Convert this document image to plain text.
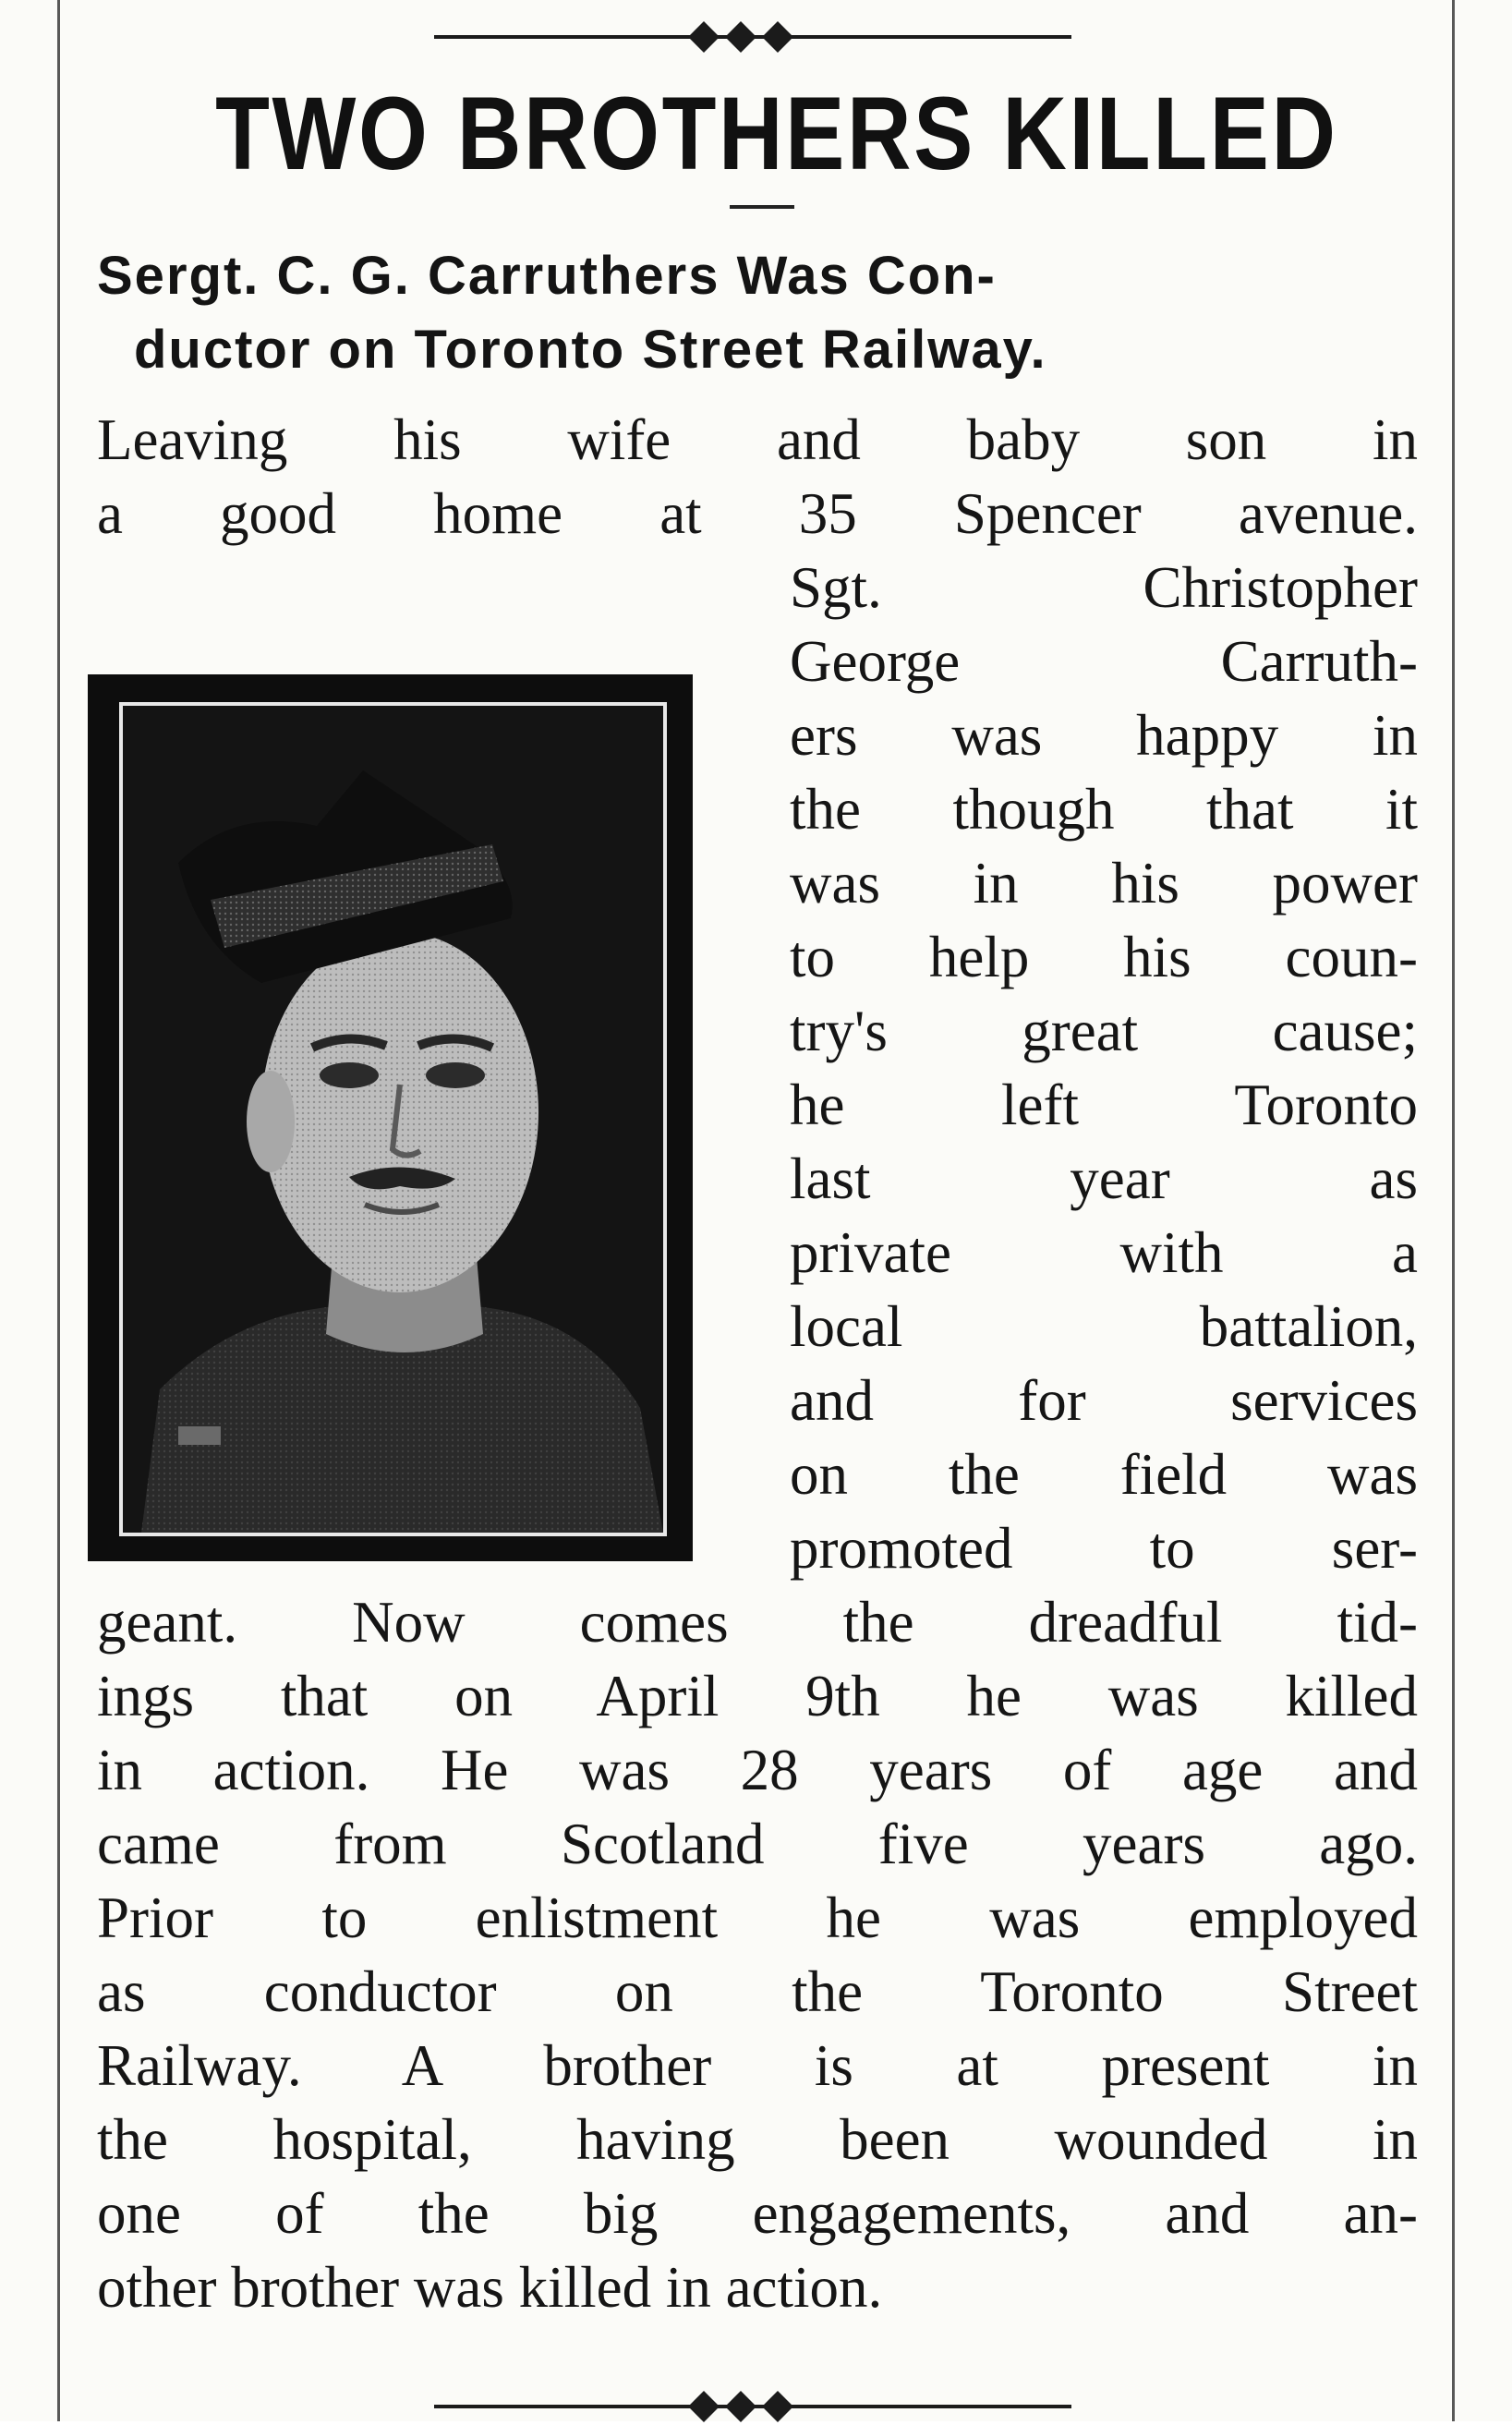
TWO BROTHERS KILLED
Sergt. C. G. Carruthers Was Con-
ductor on Toronto Street Railway.
Leaving his wife and baby son in
a good home at 35 Spencer avenue.
Sgt. Christopher
George Carruth-
ers was happy in
the though that it
was in his power
to help his coun-
try's great cause;
he left Toronto
last year as
private with a
local battalion,
and for services
on the field was
promoted to ser-
geant. Now comes the dreadful tid-
ings that on April 9th he was killed
in action. He was 28 years of age and
came from Scotland five years ago.
Prior to enlistment he was employed
as conductor on the Toronto Street
Railway. A brother is at present in
the hospital, having been wounded in
one of the big engagements, and an-
other brother was killed in action.
